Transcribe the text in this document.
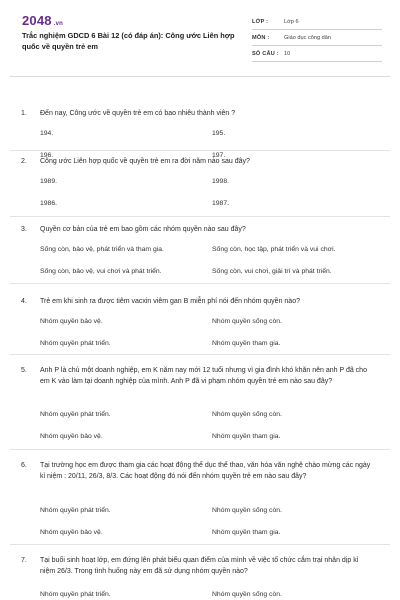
2048 .vn
Trắc nghiệm GDCD 6 Bài 12 (có đáp án): Công ước Liên hợp quốc về quyền trẻ em
LỚP :	Lớp 6
MÔN :	Giáo dục công dân
SỐ CÂU : 10
1. Đến nay, Công ước về quyền trẻ em có bao nhiêu thành viên ?
194.	195.
196.	197.
2. Công ước Liên hợp quốc về quyền trẻ em ra đời năm nào sau đây?
1989.	1998.
1986.	1987.
3. Quyền cơ bản của trẻ em bao gồm các nhóm quyền nào sau đây?
Sống còn, bảo vệ, phát triển và tham gia.	Sống còn, học tập, phát triển và vui chơi.
Sống còn, bảo vệ, vui chơi và phát triển.	Sống còn, vui chơi, giải trí và phát triển.
4. Trẻ em khi sinh ra được tiêm vacxin viêm gan B miễn phí nói đến nhóm quyền nào?
Nhóm quyền bảo vệ.	Nhóm quyền sống còn.
Nhóm quyền phát triển.	Nhóm quyền tham gia.
5. Anh P là chủ một doanh nghiệp, em K năm nay mới 12 tuổi nhưng vì gia đình khó khăn nên anh P đã cho em K vào làm tại doanh nghiệp của mình. Anh P đã vi phạm nhóm quyền trẻ em nào sau đây?
Nhóm quyền phát triển.	Nhóm quyền sống còn.
Nhóm quyền bảo vệ.	Nhóm quyền tham gia.
6. Tại trường học em được tham gia các hoạt động thể dục thể thao, văn hóa văn nghệ chào mừng các ngày kỉ niệm : 20/11, 26/3, 8/3. Các hoạt động đó nói đến nhóm quyền trẻ em nào sau đây?
Nhóm quyền phát triển.	Nhóm quyền sống còn.
Nhóm quyền bảo vệ.	Nhóm quyền tham gia.
7. Tại buổi sinh hoạt lớp, em đứng lên phát biểu quan điểm của mình về việc tổ chức cắm trại nhân dịp kỉ niệm 26/3. Trong tình huống này em đã sử dụng nhóm quyền nào?
Nhóm quyền phát triển.	Nhóm quyền sống còn.
